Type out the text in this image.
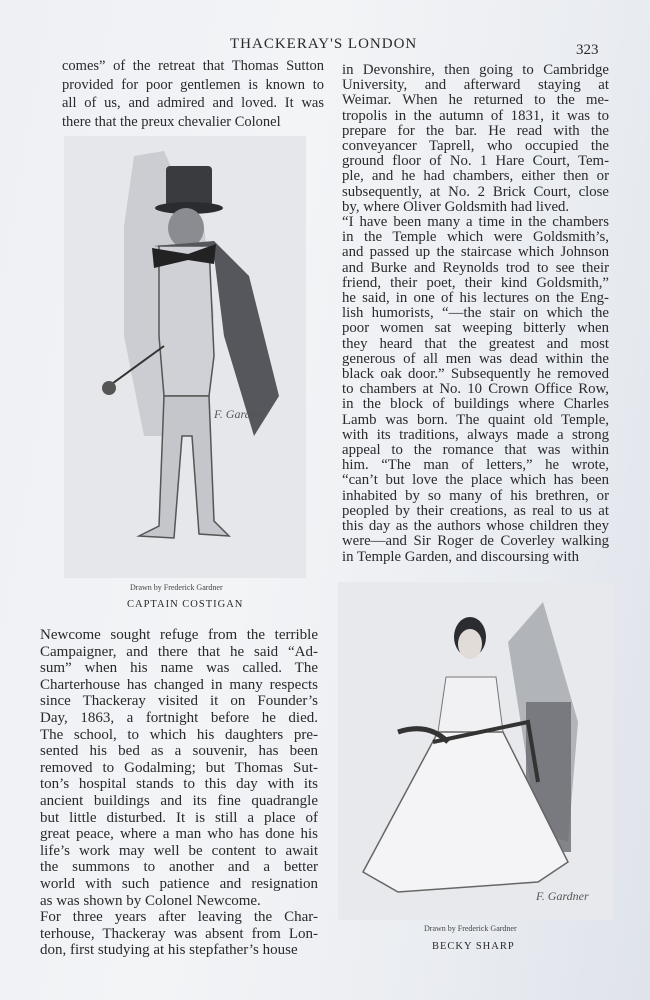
THACKERAY'S LONDON	323
comes” of the retreat that Thomas Sutton
provided for poor gentlemen is known to
all of us, and admired and loved. It was
there that the preux chevalier Colonel
in Devonshire, then going to Cambridge
University, and afterward staying at
Weimar. When he returned to the me-
tropolis in the autumn of 1831, it was to
prepare for the bar. He read with the
conveyancer Taprell, who occupied the
ground floor of No. 1 Hare Court, Tem-
ple, and he had chambers, either then or
subsequently, at No. 2 Brick Court, close
by, where Oliver Goldsmith had lived.
“I have been many a time in the chambers
in the Temple which were Goldsmith’s,
and passed up the staircase which Johnson
and Burke and Reynolds trod to see their
friend, their poet, their kind Goldsmith,”
he said, in one of his lectures on the Eng-
lish humorists, “—the stair on which the
poor women sat weeping bitterly when
they heard that the greatest and most
generous of all men was dead within the
black oak door.” Subsequently he removed
to chambers at No. 10 Crown Office Row,
in the block of buildings where Charles
Lamb was born. The quaint old Temple,
with its traditions, always made a strong
appeal to the romance that was within
him. “The man of letters,” he wrote,
“can’t but love the place which has been
inhabited by so many of his brethren, or
peopled by their creations, as real to us at
this day as the authors whose children they
were—and Sir Roger de Coverley walking
in Temple Garden, and discoursing with
Newcome sought refuge from the terrible
Campaigner, and there that he said “Ad-
sum” when his name was called. The
Charterhouse has changed in many respects
since Thackeray visited it on Founder’s
Day, 1863, a fortnight before he died.
The school, to which his daughters pre-
sented his bed as a souvenir, has been
removed to Godalming; but Thomas Sut-
ton’s hospital stands to this day with its
ancient buildings and its fine quadrangle
but little disturbed. It is still a place of
great peace, where a man who has done his
life’s work may well be content to await
the summons to another and a better
world with such patience and resignation
as was shown by Colonel Newcome.
For three years after leaving the Char-
terhouse, Thackeray was absent from Lon-
don, first studying at his stepfather’s house
F. Gardner
Drawn by Frederick Gardner
CAPTAIN COSTIGAN
F. Gardner
Drawn by Frederick Gardner
BECKY SHARP
